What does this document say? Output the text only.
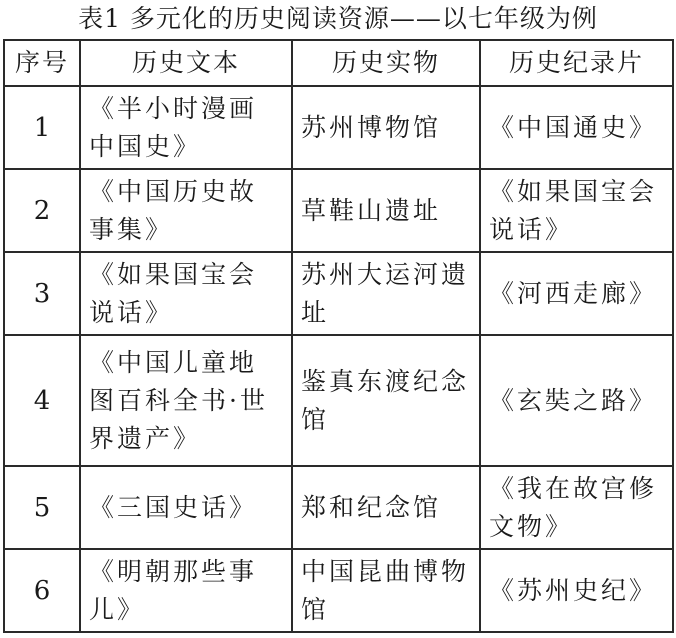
表1 多元化的历史阅读资源——以七年级为例
序号	历史文本	历史实物	历史纪录片
1	《半小时漫画中国史》	苏州博物馆	《中国通史》
2	《中国历史故事集》	草鞋山遗址	《如果国宝会说话》
3	《如果国宝会说话》	苏州大运河遗址	《河西走廊》
4	《中国儿童地图百科全书·世界遗产》	鉴真东渡纪念馆	《玄奘之路》
5	《三国史话》	郑和纪念馆	《我在故宫修文物》
6	《明朝那些事儿》	中国昆曲博物馆	《苏州史纪》
